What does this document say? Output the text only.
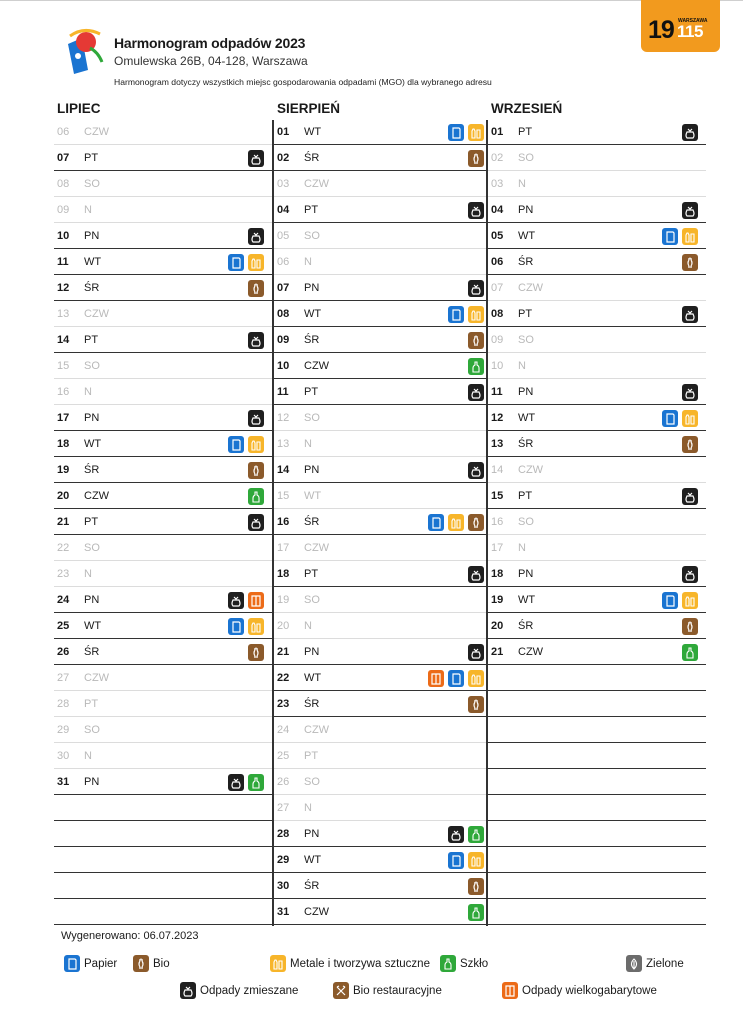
Harmonogram odpadów 2023
Omulewska 26B, 04-128, Warszawa
Harmonogram dotyczy wszystkich miejsc gospodarowania odpadami (MGO) dla wybranego adresu
19 WARSZAWA
115
LIPIEC
06 CZW
07 PT
08 SO
09 N
10 PN
11 WT
12 ŚR
13 CZW
14 PT
15 SO
16 N
17 PN
18 WT
19 ŚR
20 CZW
21 PT
22 SO
23 N
24 PN
25 WT
26 ŚR
27 CZW
28 PT
29 SO
30 N
31 PN
SIERPIEŃ
01 WT
02 ŚR
03 CZW
04 PT
05 SO
06 N
07 PN
08 WT
09 ŚR
10 CZW
11 PT
12 SO
13 N
14 PN
15 WT
16 ŚR
17 CZW
18 PT
19 SO
20 N
21 PN
22 WT
23 ŚR
24 CZW
25 PT
26 SO
27 N
28 PN
29 WT
30 ŚR
31 CZW
WRZESIEŃ
01 PT
02 SO
03 N
04 PN
05 WT
06 ŚR
07 CZW
08 PT
09 SO
10 N
11 PN
12 WT
13 ŚR
14 CZW
15 PT
16 SO
17 N
18 PN
19 WT
20 ŚR
21 CZW
Wygenerowano: 06.07.2023
Papier	Bio	Metale i tworzywa sztuczne	Szkło	Zielone
Odpady zmieszane	Bio restauracyjne	Odpady wielkogabarytowe
